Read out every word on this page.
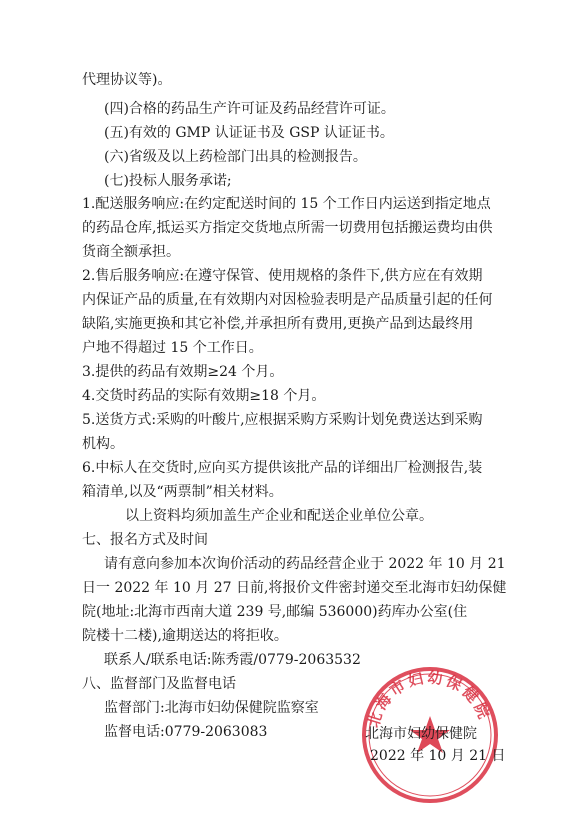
代理协议等)。
(四)合格的药品生产许可证及药品经营许可证。
(五)有效的 GMP 认证证书及 GSP 认证证书。
(六)省级及以上药检部门出具的检测报告。
(七)投标人服务承诺;
1.配送服务响应:在约定配送时间的 15 个工作日内运送到指定地点
的药品仓库,抵运买方指定交货地点所需一切费用包括搬运费均由供
货商全额承担。
2.售后服务响应:在遵守保管、使用规格的条件下,供方应在有效期
内保证产品的质量,在有效期内对因检验表明是产品质量引起的任何
缺陷,实施更换和其它补偿,并承担所有费用,更换产品到达最终用
户地不得超过 15 个工作日。
3.提供的药品有效期≥24 个月。
4.交货时药品的实际有效期≥18 个月。
5.送货方式:采购的叶酸片,应根据采购方采购计划免费送达到采购
机构。
6.中标人在交货时,应向买方提供该批产品的详细出厂检测报告,装
箱清单,以及“两票制”相关材料。
以上资料均须加盖生产企业和配送企业单位公章。
七、报名方式及时间
请有意向参加本次询价活动的药品经营企业于 2022 年 10 月 21
日一 2022 年 10 月 27 日前,将报价文件密封递交至北海市妇幼保健
院(地址:北海市西南大道 239 号,邮编 536000)药库办公室(住
院楼十二楼),逾期送达的将拒收。
联系人/联系电话:陈秀霞/0779-2063532
八、监督部门及监督电话
监督部门:北海市妇幼保健院监察室
监督电话:0779-2063083
北海市妇幼保健院
北海市妇幼保健院
2022 年 10 月 21 日
